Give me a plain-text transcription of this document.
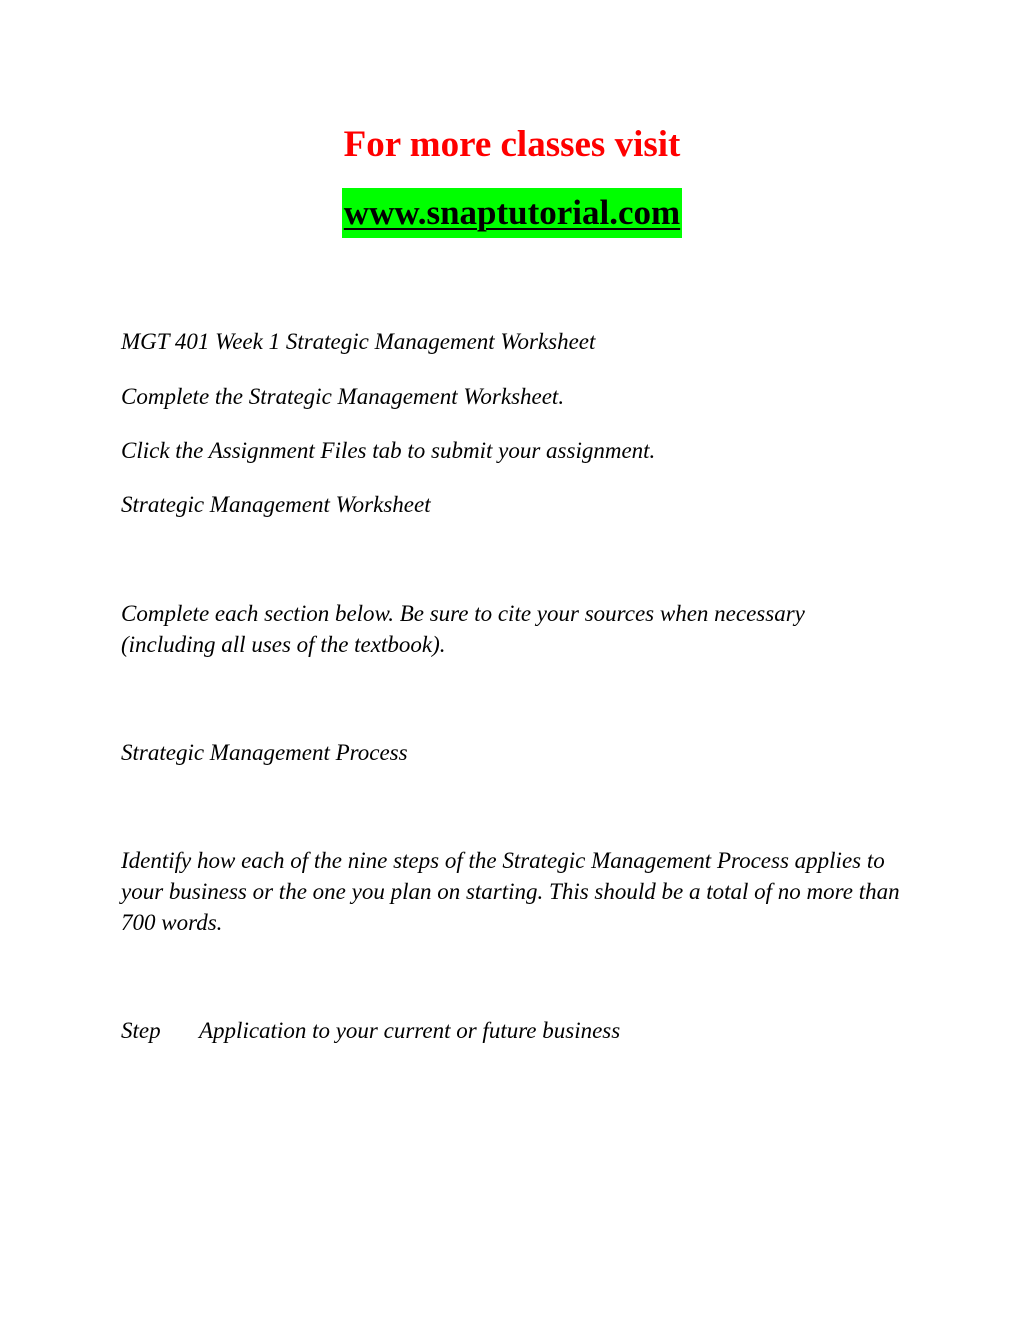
For more classes visit
www.snaptutorial.com

MGT 401 Week 1 Strategic Management Worksheet

Complete the Strategic Management Worksheet.

Click the Assignment Files tab to submit your assignment.

Strategic Management Worksheet

Complete each section below. Be sure to cite your sources when necessary (including all uses of the textbook).

Strategic Management Process

Identify how each of the nine steps of the Strategic Management Process applies to your business or the one you plan on starting. This should be a total of no more than 700 words.

Step Application to your current or future business
